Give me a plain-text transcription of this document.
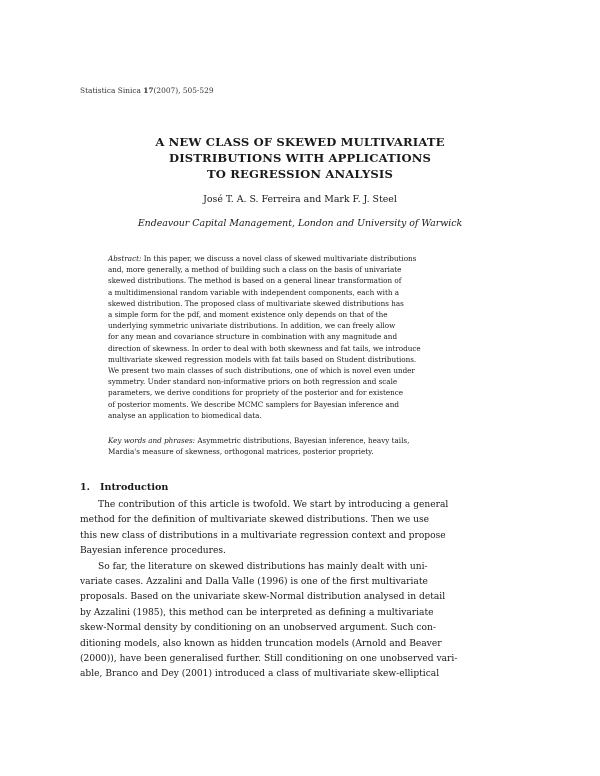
Statistica Sinica 17(2007), 505-529
A NEW CLASS OF SKEWED MULTIVARIATE
DISTRIBUTIONS WITH APPLICATIONS
TO REGRESSION ANALYSIS
José T. A. S. Ferreira and Mark F. J. Steel
Endeavour Capital Management, London and University of Warwick
Abstract: In this paper, we discuss a novel class of skewed multivariate distributions
and, more generally, a method of building such a class on the basis of univariate
skewed distributions. The method is based on a general linear transformation of
a multidimensional random variable with independent components, each with a
skewed distribution. The proposed class of multivariate skewed distributions has
a simple form for the pdf, and moment existence only depends on that of the
underlying symmetric univariate distributions. In addition, we can freely allow
for any mean and covariance structure in combination with any magnitude and
direction of skewness. In order to deal with both skewness and fat tails, we introduce
multivariate skewed regression models with fat tails based on Student distributions.
We present two main classes of such distributions, one of which is novel even under
symmetry. Under standard non-informative priors on both regression and scale
parameters, we derive conditions for propriety of the posterior and for existence
of posterior moments. We describe MCMC samplers for Bayesian inference and
analyse an application to biomedical data.
Key words and phrases: Asymmetric distributions, Bayesian inference, heavy tails,
Mardia's measure of skewness, orthogonal matrices, posterior propriety.
1. Introduction
The contribution of this article is twofold. We start by introducing a general
method for the definition of multivariate skewed distributions. Then we use
this new class of distributions in a multivariate regression context and propose
Bayesian inference procedures.
So far, the literature on skewed distributions has mainly dealt with uni-
variate cases. Azzalini and Dalla Valle (1996) is one of the first multivariate
proposals. Based on the univariate skew-Normal distribution analysed in detail
by Azzalini (1985), this method can be interpreted as defining a multivariate
skew-Normal density by conditioning on an unobserved argument. Such con-
ditioning models, also known as hidden truncation models (Arnold and Beaver
(2000)), have been generalised further. Still conditioning on one unobserved vari-
able, Branco and Dey (2001) introduced a class of multivariate skew-elliptical
